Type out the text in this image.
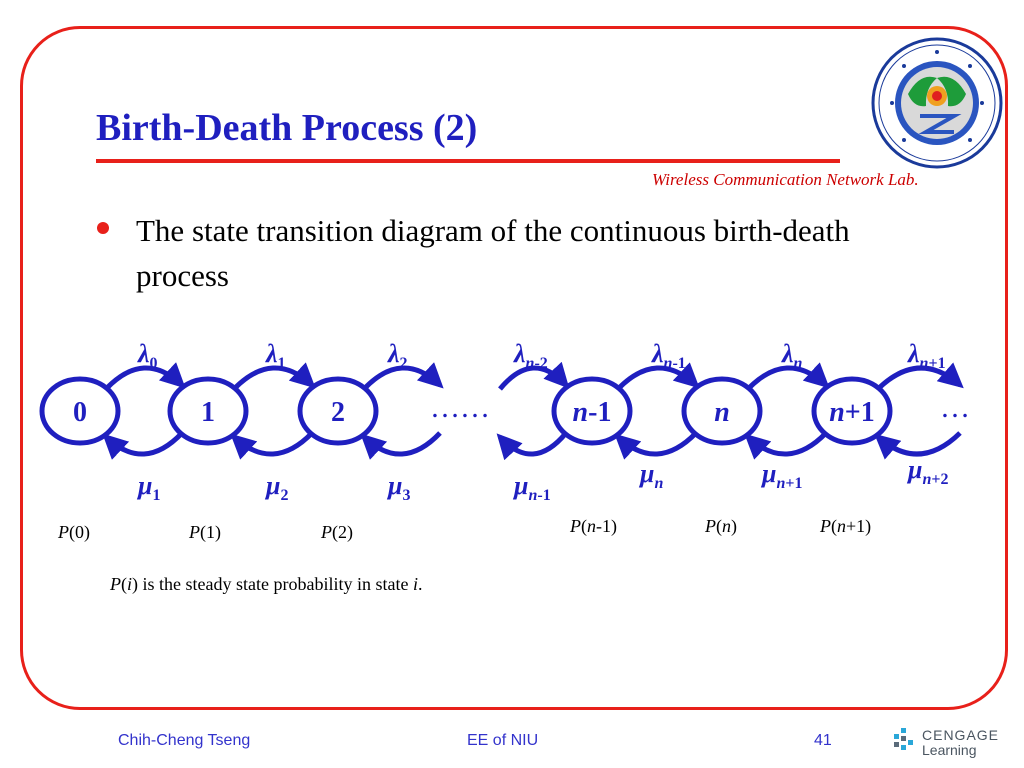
Birth-Death Process (2)
Wireless Communication Network Lab.
The state transition diagram of the continuous birth-death process
0	1	2	n-1	n	n+1
$\lambda_0$	$\lambda_1$	$\lambda_2$	$\lambda_{n-2}$	$\lambda_{n-1}$	$\lambda_n$	$\lambda_{n+1}$
$\mu_1$	$\mu_2$	$\mu_3$	$\mu_{n-1}$
$\mu_n$	$\mu_{n+1}$	$\mu_{n+2}$
……	…
P(0)	P(1)	P(2)	P(n-1)	P(n)	P(n+1)
P(i) is the steady state probability in state i.
Chih-Cheng Tseng	EE of NIU	41	CENGAGE
Learning
